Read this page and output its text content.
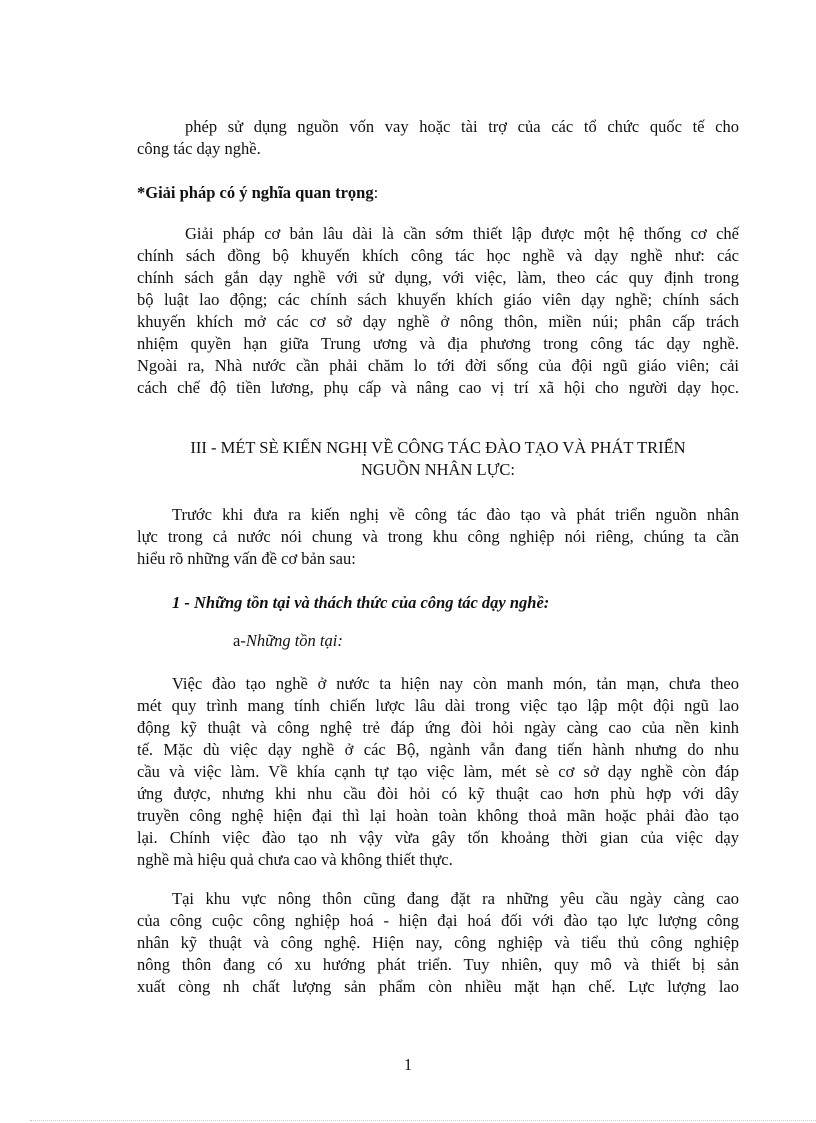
phép sử dụng nguồn vốn vay hoặc tài trợ của các tổ chức quốc tế cho
công tác dạy nghề.
*Giải pháp có ý nghĩa quan trọng:
Giải pháp cơ bản lâu dài là cần sớm thiết lập được một hệ thống cơ chế
chính sách đồng bộ khuyến khích công tác học nghề và dạy nghề như: các
chính sách gắn dạy nghề với sử dụng, với việc, làm, theo các quy định trong
bộ luật lao động; các chính sách khuyến khích giáo viên dạy nghề; chính sách
khuyến khích mở các cơ sở dạy nghề ở nông thôn, miền núi; phân cấp trách
nhiệm quyền hạn giữa Trung ương và địa phương trong công tác dạy nghề.
Ngoài ra, Nhà nước cần phải chăm lo tới đời sống của đội ngũ giáo viên; cải
cách chế độ tiền lương, phụ cấp và nâng cao vị trí xã hội cho người dạy học.
III - MÉT SÈ KIẾN NGHỊ VỀ CÔNG TÁC ĐÀO TẠO VÀ PHÁT TRIỂN
NGUỒN NHÂN LỰC:
Trước khi đưa ra kiến nghị về công tác đào tạo và phát triển nguồn nhân
lực trong cả nước nói chung và trong khu công nghiệp nói riêng, chúng ta cần
hiểu rõ những vấn đề cơ bản sau:
1 - Những tồn tại và thách thức của công tác dạy nghề:
a-Những tồn tại:
Việc đào tạo nghề ở nước ta hiện nay còn manh món, tản mạn, chưa theo
mét quy trình mang tính chiến lược lâu dài trong việc tạo lập một đội ngũ lao
động kỹ thuật và công nghệ trẻ đáp ứng đòi hỏi ngày càng cao của nền kinh
tế. Mặc dù việc dạy nghề ở các Bộ, ngành vẫn đang tiến hành nhưng do nhu
cầu và việc làm. Về khía cạnh tự tạo việc làm, mét sè cơ sở dạy nghề còn đáp
ứng được, nhưng khi nhu cầu đòi hỏi có kỹ thuật cao hơn phù hợp với dây
truyền công nghệ hiện đại thì lại hoàn toàn không thoả mãn hoặc phải đào tạo
lại. Chính việc đào tạo nh vậy vừa gây tốn khoảng thời gian của việc dạy
nghề mà hiệu quả chưa cao và không thiết thực.
Tại khu vực nông thôn cũng đang đặt ra những yêu cầu ngày càng cao
của công cuộc công nghiệp hoá - hiện đại hoá đối với đào tạo lực lượng công
nhân kỹ thuật và công nghệ. Hiện nay, công nghiệp và tiểu thủ công nghiệp
nông thôn đang có xu hướng phát triển. Tuy nhiên, quy mô và thiết bị sản
xuất còng nh chất lượng sản phẩm còn nhiều mặt hạn chế. Lực lượng lao
1
